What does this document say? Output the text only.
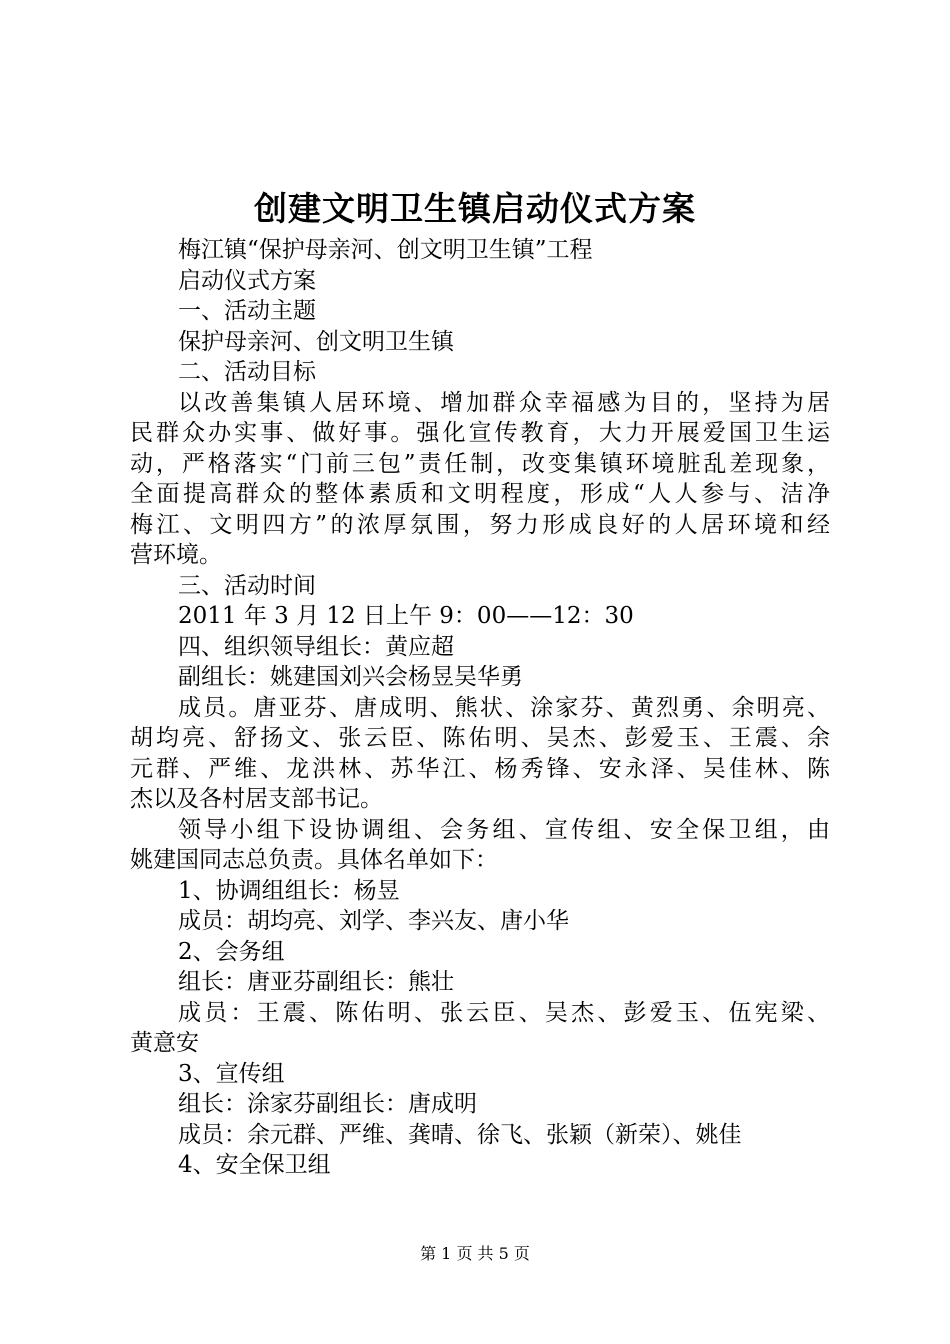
创建文明卫生镇启动仪式方案
梅江镇“保护母亲河、创文明卫生镇”工程
启动仪式方案
一、活动主题
保护母亲河、创文明卫生镇
二、活动目标
以改善集镇人居环境、增加群众幸福感为目的，坚持为居
民群众办实事、做好事。强化宣传教育，大力开展爱国卫生运
动，严格落实“门前三包”责任制，改变集镇环境脏乱差现象，
全面提高群众的整体素质和文明程度，形成“人人参与、洁净
梅江、文明四方”的浓厚氛围，努力形成良好的人居环境和经
营环境。
三、活动时间
2011 年 3 月 12 日上午 9：00——12：30
四、组织领导组长：黄应超
副组长：姚建国刘兴会杨昱吴华勇
成员。唐亚芬、唐成明、熊状、涂家芬、黄烈勇、余明亮、
胡均亮、舒扬文、张云臣、陈佑明、吴杰、彭爱玉、王震、余
元群、严维、龙洪林、苏华江、杨秀锋、安永泽、吴佳林、陈
杰以及各村居支部书记。
领导小组下设协调组、会务组、宣传组、安全保卫组，由
姚建国同志总负责。具体名单如下：
1、协调组组长：杨昱
成员：胡均亮、刘学、李兴友、唐小华
2、会务组
组长：唐亚芬副组长：熊壮
成员：王震、陈佑明、张云臣、吴杰、彭爱玉、伍宪梁、
黄意安
3、宣传组
组长：涂家芬副组长：唐成明
成员：余元群、严维、龚晴、徐飞、张颖（新荣）、姚佳
4、安全保卫组
第 1 页 共 5 页
